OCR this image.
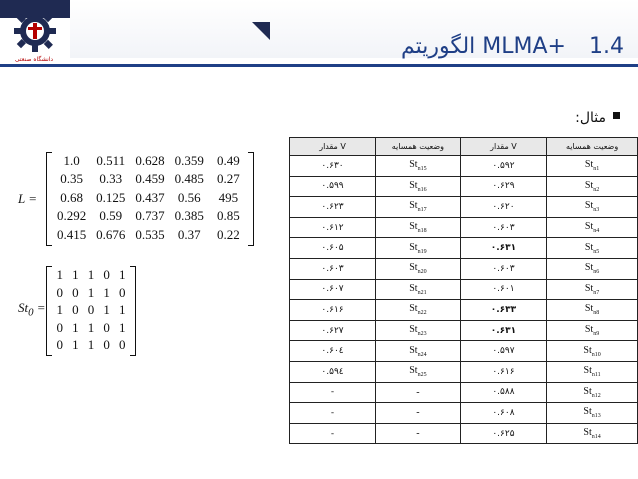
دانشگاه صنعتی
الگوریتم MLMA+ 1.4
مثال:
L =
1.0	0.511 0.628 0.359	0.49
0.35	0.33	0.459 0.485	0.27
0.68	0.125 0.437	0.56	495
0.292	0.59	0.737 0.385	0.85
0.415 0.676 0.535	0.37	0.22
$St_0$ =
1 1 1 0 1
0 0 1 1 0
1 0 0 1 1
0 1 1 0 1
0 1 1 0 0
مقدار V	وضعیت همسایه	مقدار V	وضعیت همسایه
۰.۶۳۰	$St_{n15}$	۰.۵۹۲	$St_{n1}$
۰.۵۹۹	$St_{n16}$	۰.۶۲۹	$St_{n2}$
۰.۶۲۳	$St_{n17}$	۰.۶۲۰	$St_{n3}$
۰.۶۱۲	$St_{n18}$	۰.۶۰۳	$St_{n4}$
۰.۶۰۵	$St_{n19}$	۰.۶۳۱	$St_{n5}$
۰.۶۰۳	$St_{n20}$	۰.۶۰۳	$St_{n6}$
۰.۶۰۷	$St_{n21}$	۰.۶۰۱	$St_{n7}$
۰.۶۱۶	$St_{n22}$	۰.۶۳۳	$St_{n8}$
۰.۶۲۷	$St_{n23}$	۰.۶۳۱	$St_{n9}$
۰.۶۰٤	$St_{n24}$	۰.۵۹۷	$St_{n10}$
۰.۵۹٤	$St_{n25}$	۰.۶۱۶	$St_{n11}$
-	-	۰.۵۸۸	$St_{n12}$
-	-	۰.۶۰۸	$St_{n13}$
-	-	۰.۶۲۵	$St_{n14}$
